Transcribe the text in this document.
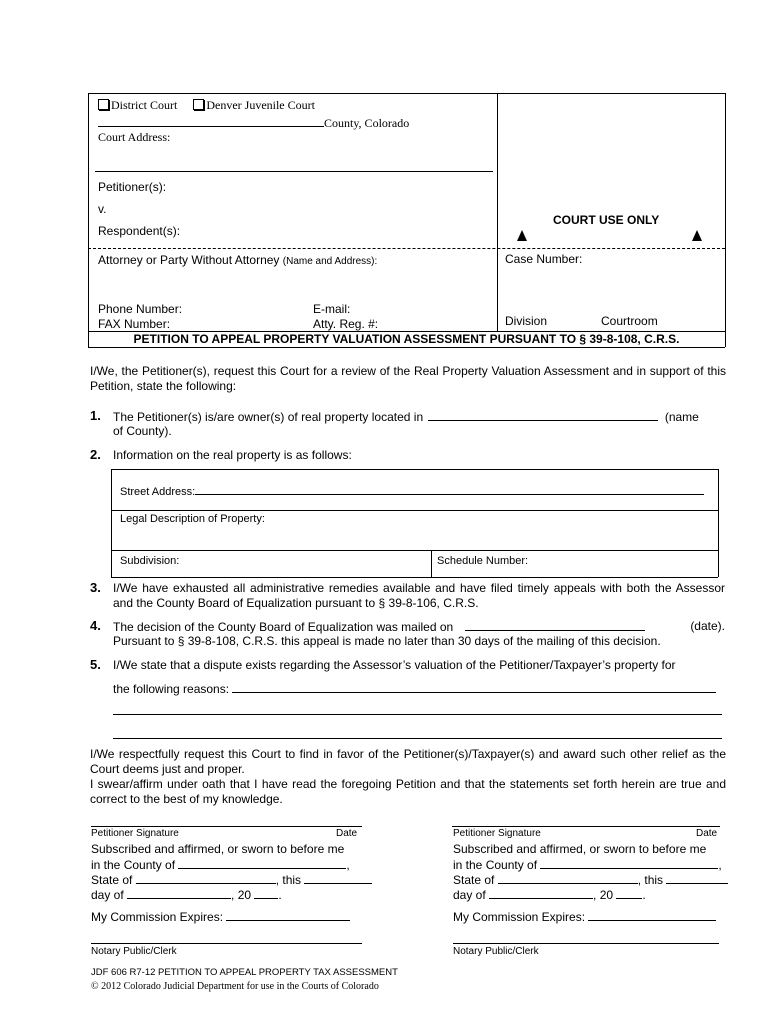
District Court Denver Juvenile Court
County, Colorado
Court Address:
Petitioner(s):
v.
Respondent(s):
COURT USE ONLY
Attorney or Party Without Attorney (Name and Address):	Case Number:
Phone Number:	E-mail:
FAX Number:	Atty. Reg. #:	Division	Courtroom
PETITION TO APPEAL PROPERTY VALUATION ASSESSMENT PURSUANT TO § 39-8-108, C.R.S.
I/We, the Petitioner(s), request this Court for a review of the Real Property Valuation Assessment and in support of this Petition, state the following:
1. The Petitioner(s) is/are owner(s) of real property located in	(name
of County).
2. Information on the real property is as follows:
Street Address:
Legal Description of Property:
Subdivision:	Schedule Number:
3. I/We have exhausted all administrative remedies available and have filed timely appeals with both the Assessor and the County Board of Equalization pursuant to § 39-8-106, C.R.S.
4. The decision of the County Board of Equalization was mailed on	(date).
Pursuant to § 39-8-108, C.R.S. this appeal is made no later than 30 days of the mailing of this decision.
5. I/We state that a dispute exists regarding the Assessor’s valuation of the Petitioner/Taxpayer’s property for
the following reasons:
I/We respectfully request this Court to find in favor of the Petitioner(s)/Taxpayer(s) and award such other relief as the Court deems just and proper.
I swear/affirm under oath that I have read the foregoing Petition and that the statements set forth herein are true and correct to the best of my knowledge.
Petitioner Signature	Date
Subscribed and affirmed, or sworn to before me
in the County of	,
State of	, this
day of	, 20 .
My Commission Expires:
Notary Public/Clerk
Petitioner Signature	Date
Subscribed and affirmed, or sworn to before me
in the County of	,
State of	, this
day of	, 20 .
My Commission Expires:
Notary Public/Clerk
JDF 606 R7-12 PETITION TO APPEAL PROPERTY TAX ASSESSMENT
© 2012 Colorado Judicial Department for use in the Courts of Colorado
